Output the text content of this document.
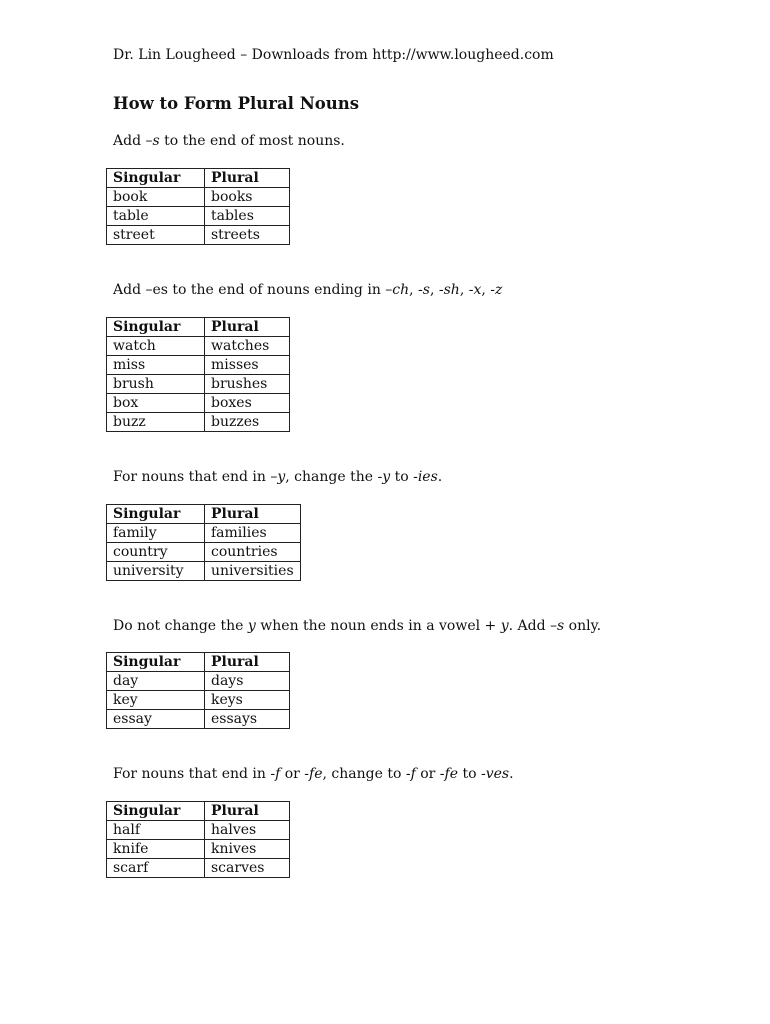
Dr. Lin Lougheed – Downloads from http://www.lougheed.com
How to Form Plural Nouns
Add –s to the end of most nouns.
Singular	Plural
book	books
table	tables
street	streets
Add –es to the end of nouns ending in –ch, -s, -sh, -x, -z
Singular	Plural
watch	watches
miss	misses
brush	brushes
box	boxes
buzz	buzzes
For nouns that end in –y, change the -y to -ies.
Singular	Plural
family	families
country	countries
university	universities
Do not change the y when the noun ends in a vowel + y. Add –s only.
Singular	Plural
day	days
key	keys
essay	essays
For nouns that end in -f or -fe, change to -f or -fe to -ves.
Singular	Plural
half	halves
knife	knives
scarf	scarves
